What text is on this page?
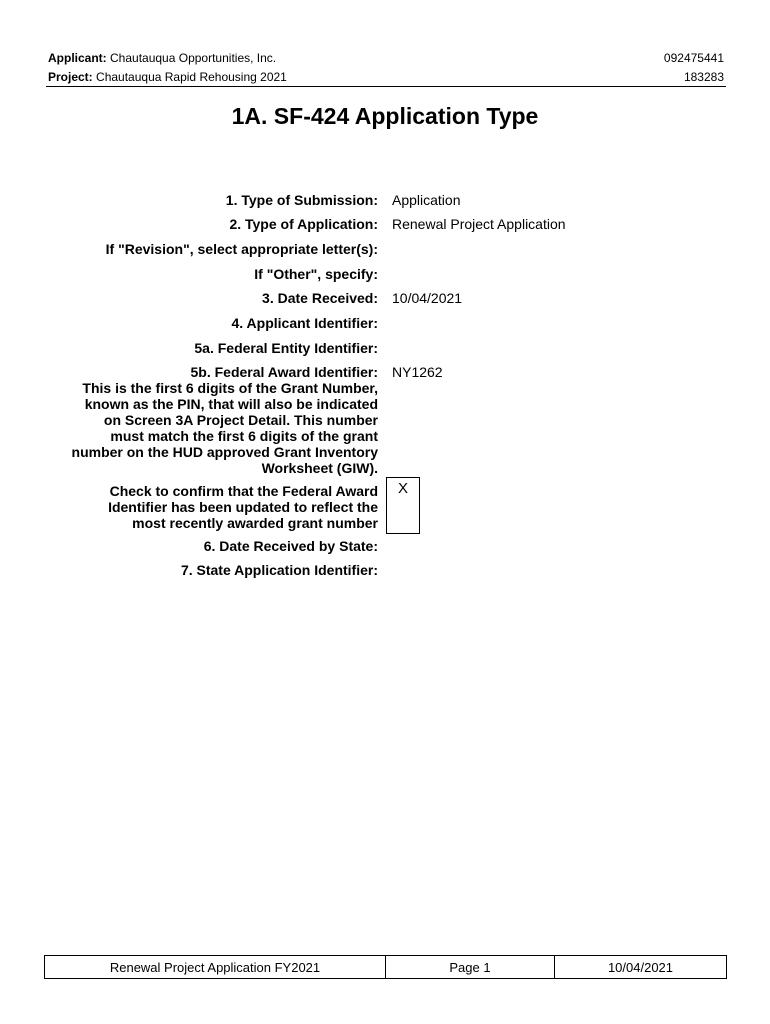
Applicant: Chautauqua Opportunities, Inc.	092475441
Project: Chautauqua Rapid Rehousing 2021	183283
1A. SF-424 Application Type
1. Type of Submission: Application
2. Type of Application: Renewal Project Application
If "Revision", select appropriate letter(s):
If "Other", specify:
3. Date Received: 10/04/2021
4. Applicant Identifier:
5a. Federal Entity Identifier:
5b. Federal Award Identifier:
This is the first 6 digits of the Grant Number,
known as the PIN, that will also be indicated
on Screen 3A Project Detail. This number
must match the first 6 digits of the grant
number on the HUD approved Grant Inventory
Worksheet (GIW).
NY1262
Check to confirm that the Federal Award
Identifier has been updated to reflect the
most recently awarded grant number
X
6. Date Received by State:
7. State Application Identifier:
Renewal Project Application FY2021	Page 1	10/04/2021
